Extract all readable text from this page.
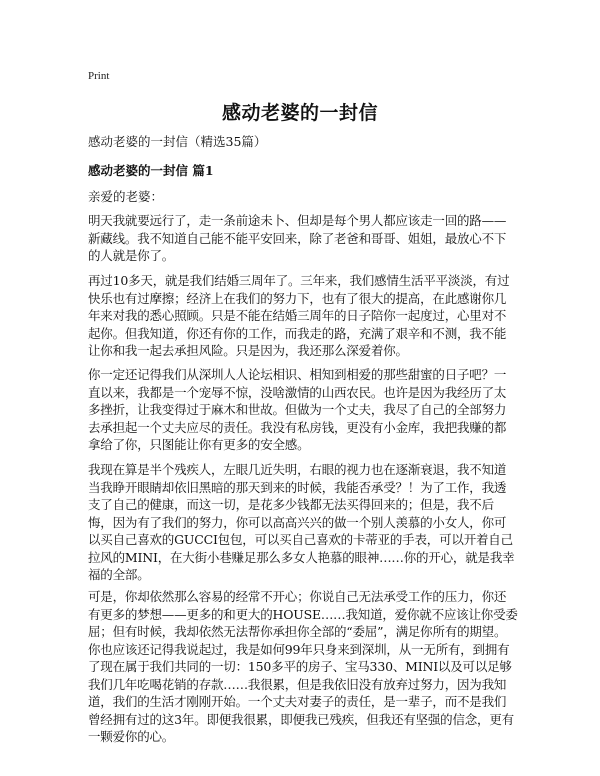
Print
感动老婆的一封信

感动老婆的一封信（精选35篇）

感动老婆的一封信 篇1

亲爱的老婆：

明天我就要远行了，走一条前途未卜、但却是每个男人都应该走一回的路——新藏线。我不知道自己能不能平安回来，除了老爸和哥哥、姐姐，最放心不下的人就是你了。

再过10多天，就是我们结婚三周年了。三年来，我们感情生活平平淡淡，有过快乐也有过摩擦；经济上在我们的努力下，也有了很大的提高，在此感谢你几年来对我的悉心照顾。只是不能在结婚三周年的日子陪你一起度过，心里对不起你。但我知道，你还有你的工作，而我走的路，充满了艰辛和不测，我不能让你和我一起去承担风险。只是因为，我还那么深爱着你。

你一定还记得我们从深圳人人论坛相识、相知到相爱的那些甜蜜的日子吧？一直以来，我都是一个宠辱不惊，没啥激情的山西农民。也许是因为我经历了太多挫折，让我变得过于麻木和世故。但做为一个丈夫，我尽了自己的全部努力去承担起一个丈夫应尽的责任。我没有私房钱，更没有小金库，我把我赚的都拿给了你，只图能让你有更多的安全感。

我现在算是半个残疾人，左眼几近失明，右眼的视力也在逐渐衰退，我不知道当我睁开眼睛却依旧黑暗的那天到来的时候，我能否承受？！为了工作，我透支了自己的健康，而这一切，是花多少钱都无法买得回来的；但是，我不后悔，因为有了我们的努力，你可以高高兴兴的做一个别人羡慕的小女人，你可以买自己喜欢的GUCCI包包，可以买自己喜欢的卡蒂亚的手表，可以开着自己拉风的MINI，在大街小巷赚足那么多女人艳慕的眼神……你的开心，就是我幸福的全部。

可是，你却依然那么容易的经常不开心；你说自己无法承受工作的压力，你还有更多的梦想——更多的和更大的HOUSE……我知道，爱你就不应该让你受委屈；但有时候，我却依然无法帮你承担你全部的“委屈”，满足你所有的期望。你也应该还记得我说起过，我是如何99年只身来到深圳，从一无所有，到拥有了现在属于我们共同的一切：150多平的房子、宝马330、MINI以及可以足够我们几年吃喝花销的存款……我很累，但是我依旧没有放弃过努力，因为我知道，我们的生活才刚刚开始。一个丈夫对妻子的责任，是一辈子，而不是我们曾经拥有过的这3年。即便我很累，即便我已残疾，但我还有坚强的信念，更有一颗爱你的心。
